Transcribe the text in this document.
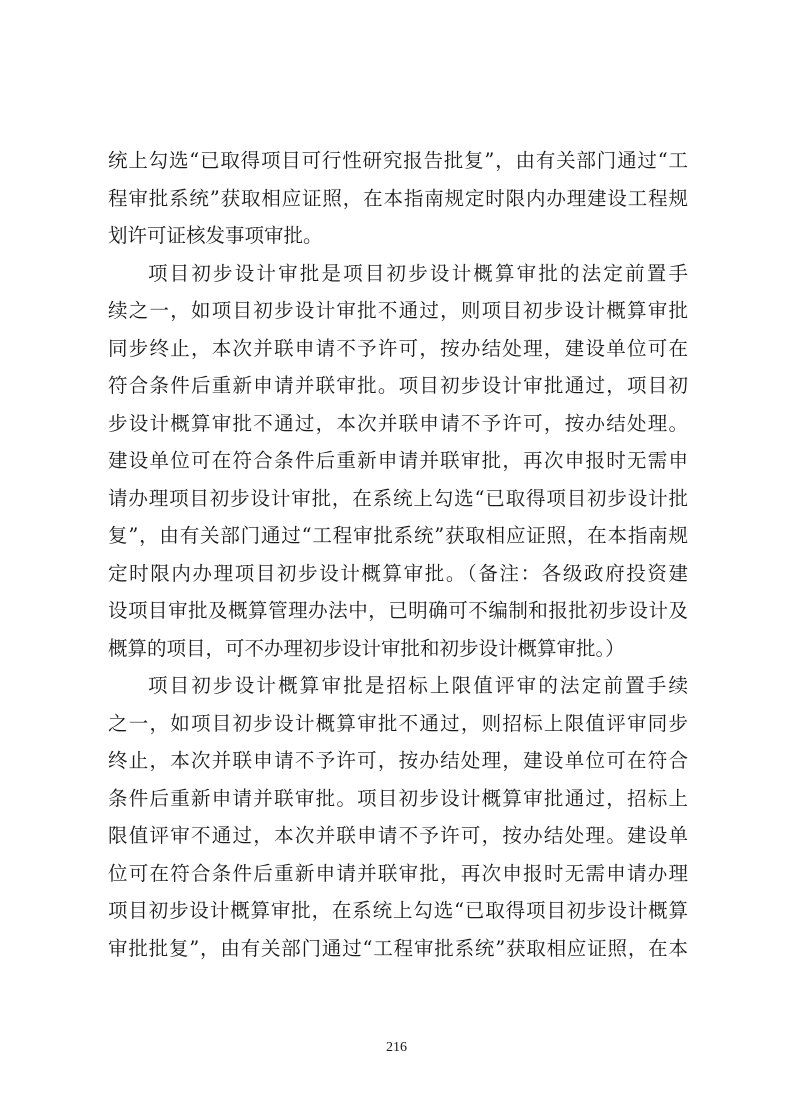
统上勾选“已取得项目可行性研究报告批复”，由有关部门通过“工
程审批系统”获取相应证照，在本指南规定时限内办理建设工程规
划许可证核发事项审批。
项目初步设计审批是项目初步设计概算审批的法定前置手
续之一，如项目初步设计审批不通过，则项目初步设计概算审批
同步终止，本次并联申请不予许可，按办结处理，建设单位可在
符合条件后重新申请并联审批。项目初步设计审批通过，项目初
步设计概算审批不通过，本次并联申请不予许可，按办结处理。
建设单位可在符合条件后重新申请并联审批，再次申报时无需申
请办理项目初步设计审批，在系统上勾选“已取得项目初步设计批
复”，由有关部门通过“工程审批系统”获取相应证照，在本指南规
定时限内办理项目初步设计概算审批。（备注：各级政府投资建
设项目审批及概算管理办法中，已明确可不编制和报批初步设计及
概算的项目，可不办理初步设计审批和初步设计概算审批。）
项目初步设计概算审批是招标上限值评审的法定前置手续
之一，如项目初步设计概算审批不通过，则招标上限值评审同步
终止，本次并联申请不予许可，按办结处理，建设单位可在符合
条件后重新申请并联审批。项目初步设计概算审批通过，招标上
限值评审不通过，本次并联申请不予许可，按办结处理。建设单
位可在符合条件后重新申请并联审批，再次申报时无需申请办理
项目初步设计概算审批，在系统上勾选“已取得项目初步设计概算
审批批复”，由有关部门通过“工程审批系统”获取相应证照，在本
216
